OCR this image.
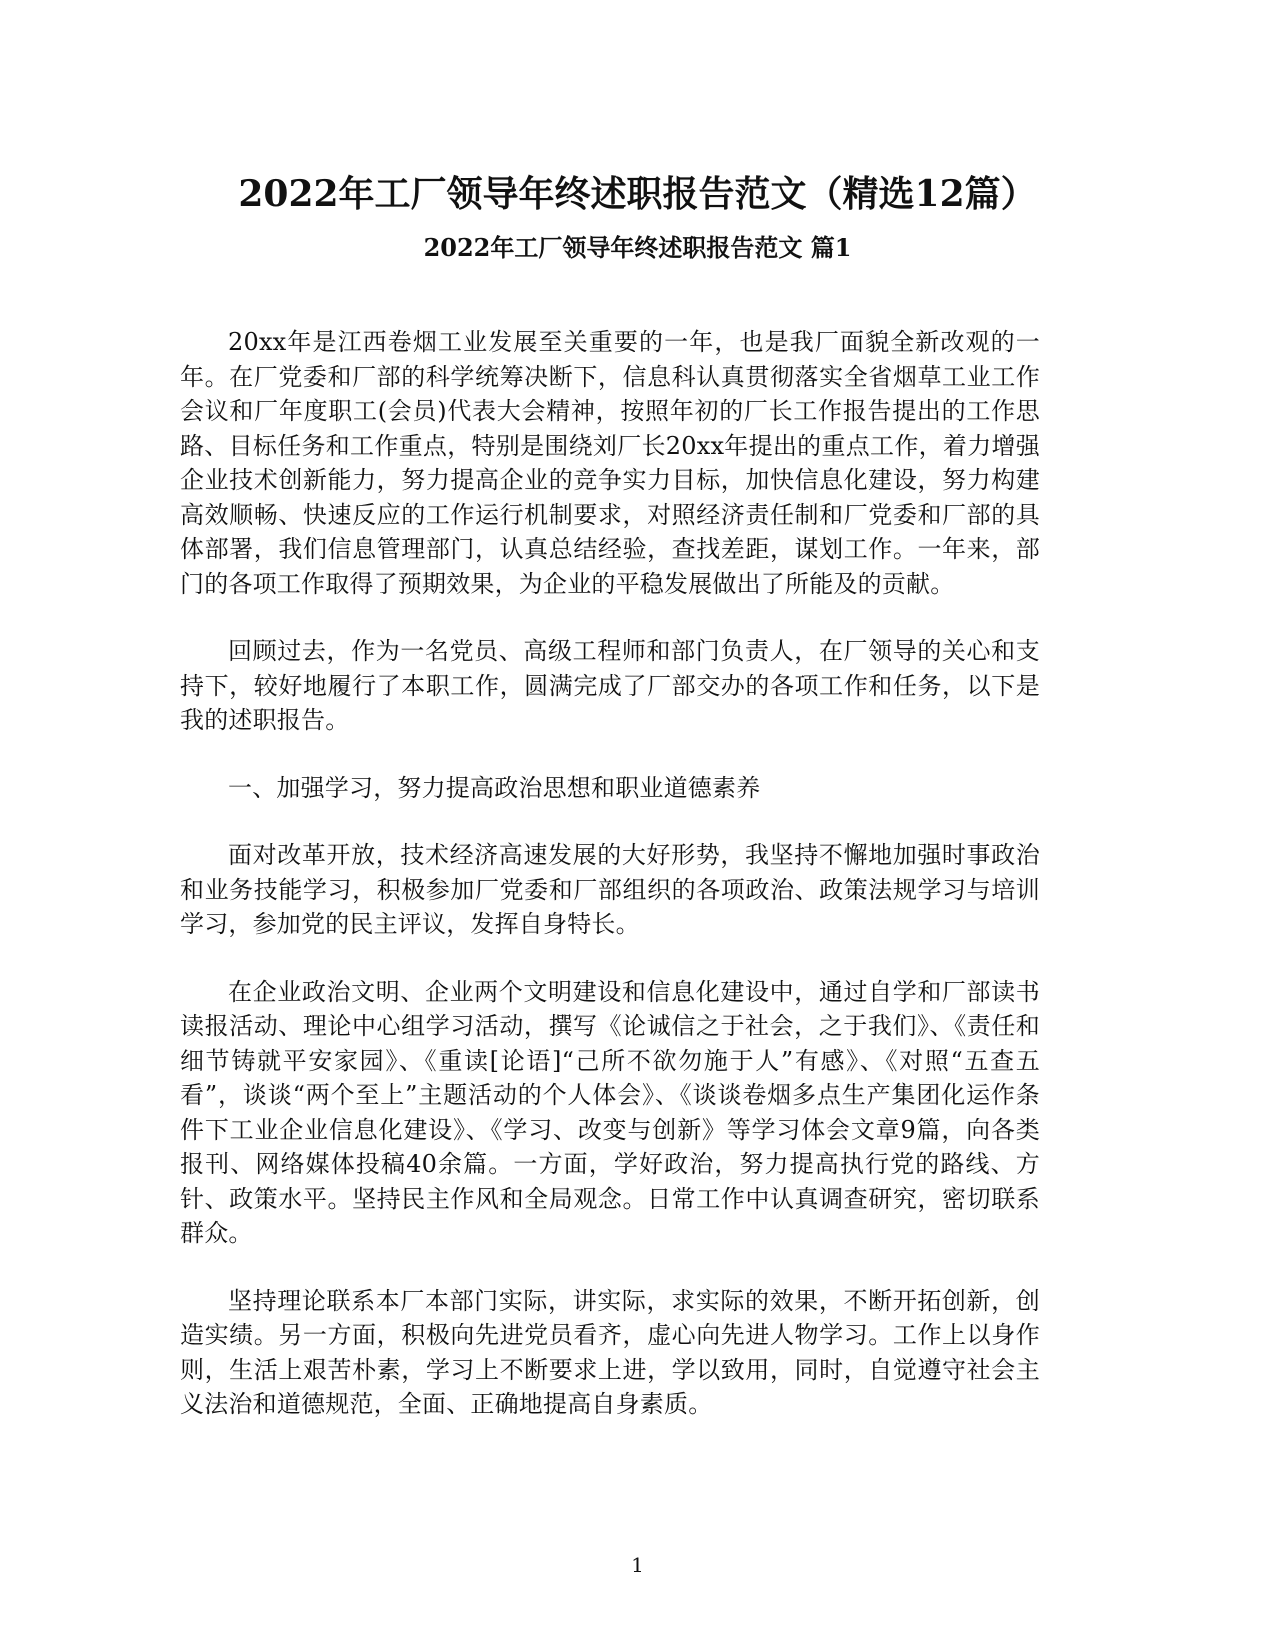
2022年工厂领导年终述职报告范文（精选12篇）
2022年工厂领导年终述职报告范文 篇1

20xx年是江西卷烟工业发展至关重要的一年，也是我厂面貌全新改观的一年。在厂党委和厂部的科学统筹决断下，信息科认真贯彻落实全省烟草工业工作会议和厂年度职工(会员)代表大会精神，按照年初的厂长工作报告提出的工作思路、目标任务和工作重点，特别是围绕刘厂长20xx年提出的重点工作，着力增强企业技术创新能力，努力提高企业的竞争实力目标，加快信息化建设，努力构建高效顺畅、快速反应的工作运行机制要求，对照经济责任制和厂党委和厂部的具体部署，我们信息管理部门，认真总结经验，查找差距，谋划工作。一年来，部门的各项工作取得了预期效果，为企业的平稳发展做出了所能及的贡献。

回顾过去，作为一名党员、高级工程师和部门负责人，在厂领导的关心和支持下，较好地履行了本职工作，圆满完成了厂部交办的各项工作和任务，以下是我的述职报告。

一、加强学习，努力提高政治思想和职业道德素养

面对改革开放，技术经济高速发展的大好形势，我坚持不懈地加强时事政治和业务技能学习，积极参加厂党委和厂部组织的各项政治、政策法规学习与培训学习，参加党的民主评议，发挥自身特长。

在企业政治文明、企业两个文明建设和信息化建设中，通过自学和厂部读书读报活动、理论中心组学习活动，撰写《论诚信之于社会，之于我们》、《责任和细节铸就平安家园》、《重读[论语]“己所不欲勿施于人”有感》、《对照“五查五看”，谈谈“两个至上”主题活动的个人体会》、《谈谈卷烟多点生产集团化运作条件下工业企业信息化建设》、《学习、改变与创新》等学习体会文章9篇，向各类报刊、网络媒体投稿40余篇。一方面，学好政治，努力提高执行党的路线、方针、政策水平。坚持民主作风和全局观念。日常工作中认真调查研究，密切联系群众。

坚持理论联系本厂本部门实际，讲实际，求实际的效果，不断开拓创新，创造实绩。另一方面，积极向先进党员看齐，虚心向先进人物学习。工作上以身作则，生活上艰苦朴素，学习上不断要求上进，学以致用，同时，自觉遵守社会主义法治和道德规范，全面、正确地提高自身素质。

1
